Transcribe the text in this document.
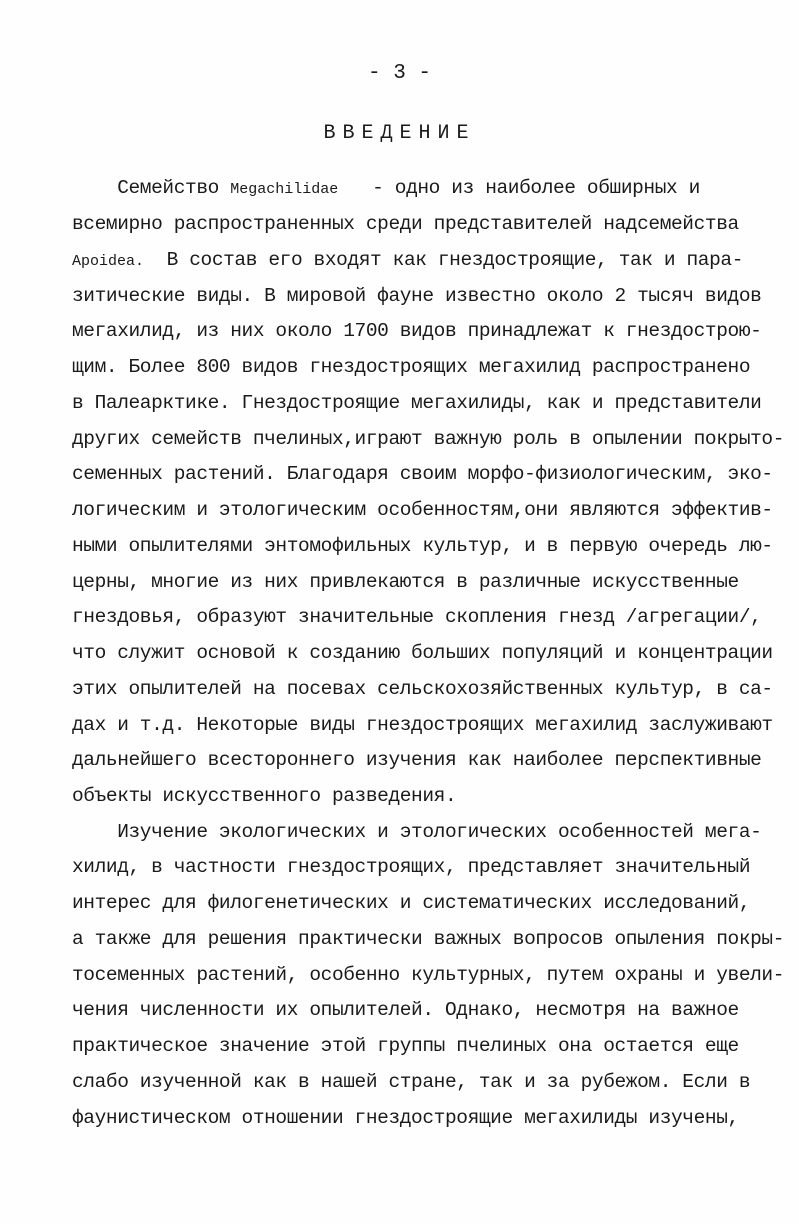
- 3 -
ВВЕДЕНИЕ
Семейство Megachilidae   - одно из наиболее обширных и
всемирно распространенных среди представителей надсемейства
Apoidea.  В состав его входят как гнездостроящие, так и пара-
зитические виды. В мировой фауне известно около 2 тысяч видов
мегахилид, из них около 1700 видов принадлежат к гнездострою-
щим. Более 800 видов гнездостроящих мегахилид распространено
в Палеарктике. Гнездостроящие мегахилиды, как и представители
других семейств пчелиных,играют важную роль в опылении покрыто-
семенных растений. Благодаря своим морфо-физиологическим, эко-
логическим и этологическим особенностям,они являются эффектив-
ными опылителями энтомофильных культур, и в первую очередь лю-
церны, многие из них привлекаются в различные искусственные
гнездовья, образуют значительные скопления гнезд /агрегации/,
что служит основой к созданию больших популяций и концентрации
этих опылителей на посевах сельскохозяйственных культур, в са-
дах и т.д. Некоторые виды гнездостроящих мегахилид заслуживают
дальнейшего всестороннего изучения как наиболее перспективные
объекты искусственного разведения.
Изучение экологических и этологических особенностей мега-
хилид, в частности гнездостроящих, представляет значительный
интерес для филогенетических и систематических исследований,
а также для решения практически важных вопросов опыления покры-
тосеменных растений, особенно культурных, путем охраны и увели-
чения численности их опылителей. Однако, несмотря на важное
практическое значение этой группы пчелиных она остается еще
слабо изученной как в нашей стране, так и за рубежом. Если в
фаунистическом отношении гнездостроящие мегахилиды изучены,
